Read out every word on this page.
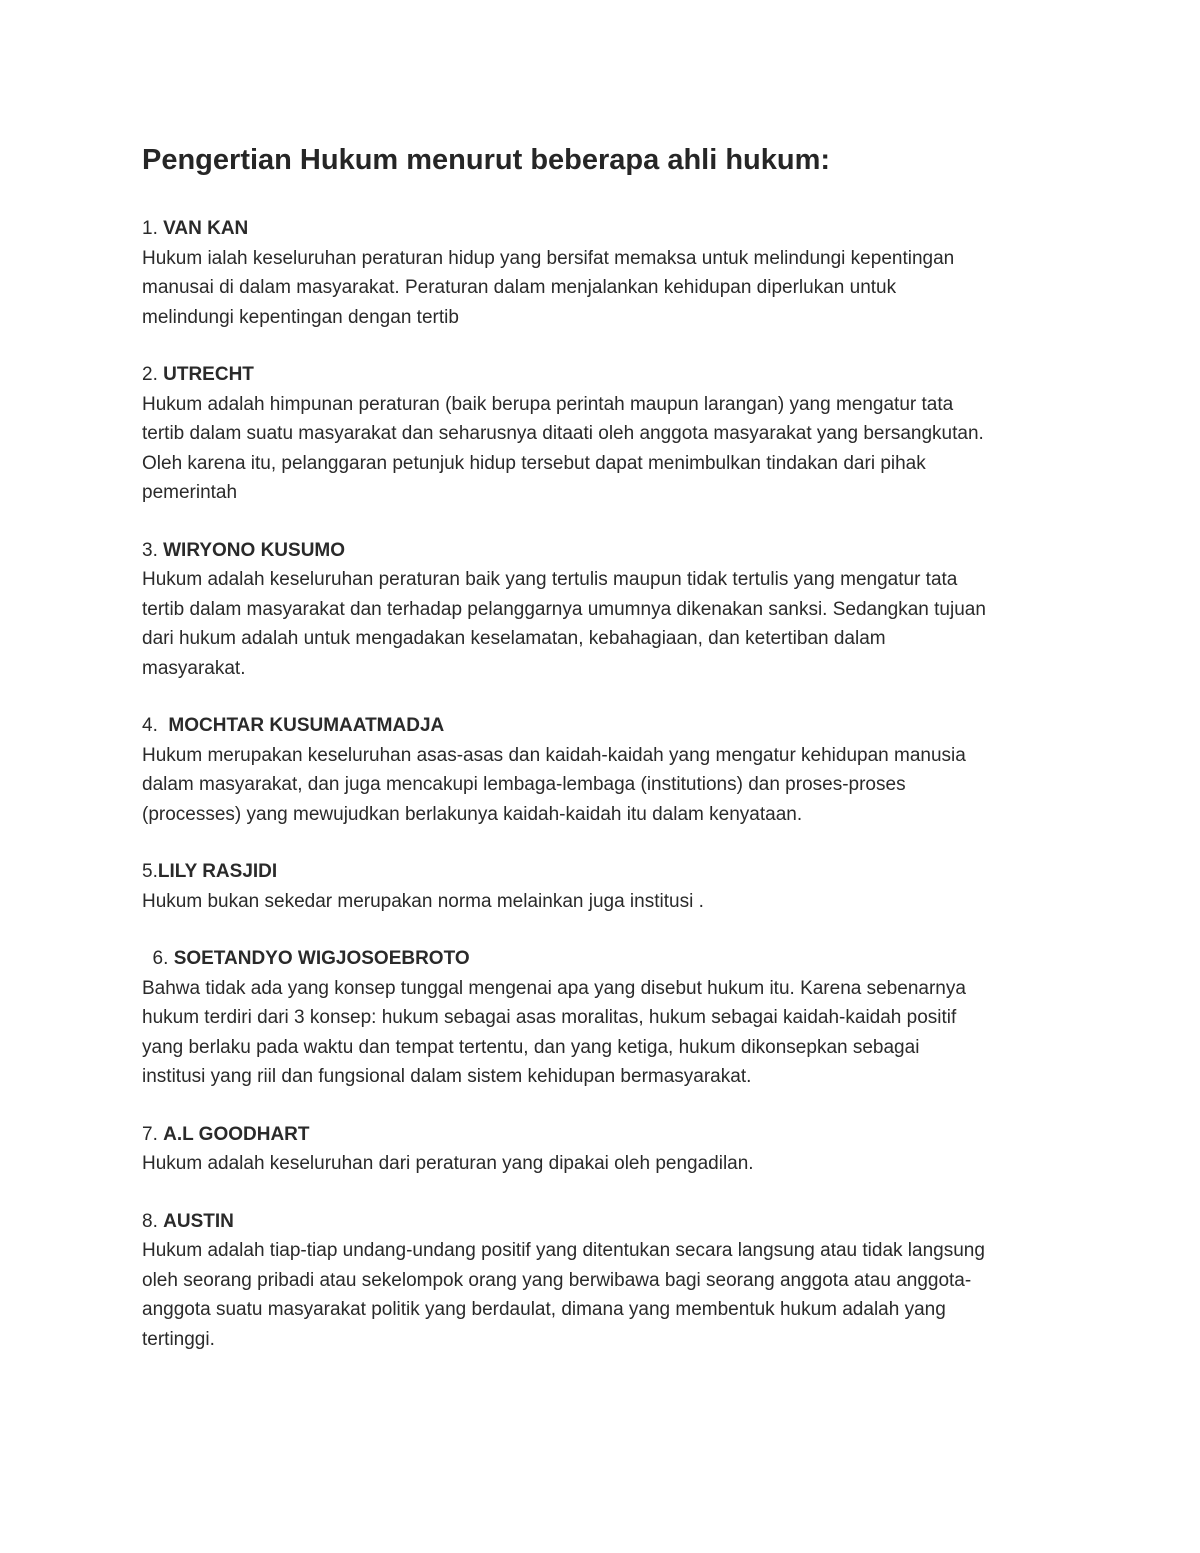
Pengertian Hukum menurut beberapa ahli hukum:
1. VAN KAN
Hukum ialah keseluruhan peraturan hidup yang bersifat memaksa untuk melindungi kepentingan
manusai di dalam masyarakat. Peraturan dalam menjalankan kehidupan diperlukan untuk
melindungi kepentingan dengan tertib
2. UTRECHT
Hukum adalah himpunan peraturan (baik berupa perintah maupun larangan) yang mengatur tata
tertib dalam suatu masyarakat dan seharusnya ditaati oleh anggota masyarakat yang bersangkutan.
Oleh karena itu, pelanggaran petunjuk hidup tersebut dapat menimbulkan tindakan dari pihak
pemerintah
3. WIRYONO KUSUMO
Hukum adalah keseluruhan peraturan baik yang tertulis maupun tidak tertulis yang mengatur tata
tertib dalam masyarakat dan terhadap pelanggarnya umumnya dikenakan sanksi. Sedangkan tujuan
dari hukum adalah untuk mengadakan keselamatan, kebahagiaan, dan ketertiban dalam
masyarakat.
4.  MOCHTAR KUSUMAATMADJA
Hukum merupakan keseluruhan asas-asas dan kaidah-kaidah yang mengatur kehidupan manusia
dalam masyarakat, dan juga mencakupi lembaga-lembaga (institutions) dan proses-proses
(processes) yang mewujudkan berlakunya kaidah-kaidah itu dalam kenyataan.
5.LILY RASJIDI
Hukum bukan sekedar merupakan norma melainkan juga institusi .
6. SOETANDYO WIGJOSOEBROTO
Bahwa tidak ada yang konsep tunggal mengenai apa yang disebut hukum itu. Karena sebenarnya
hukum terdiri dari 3 konsep: hukum sebagai asas moralitas, hukum sebagai kaidah-kaidah positif
yang berlaku pada waktu dan tempat tertentu, dan yang ketiga, hukum dikonsepkan sebagai
institusi yang riil dan fungsional dalam sistem kehidupan bermasyarakat.
7. A.L GOODHART
Hukum adalah keseluruhan dari peraturan yang dipakai oleh pengadilan.
8. AUSTIN
Hukum adalah tiap-tiap undang-undang positif yang ditentukan secara langsung atau tidak langsung
oleh seorang pribadi atau sekelompok orang yang berwibawa bagi seorang anggota atau anggota-
anggota suatu masyarakat politik yang berdaulat, dimana yang membentuk hukum adalah yang
tertinggi.
